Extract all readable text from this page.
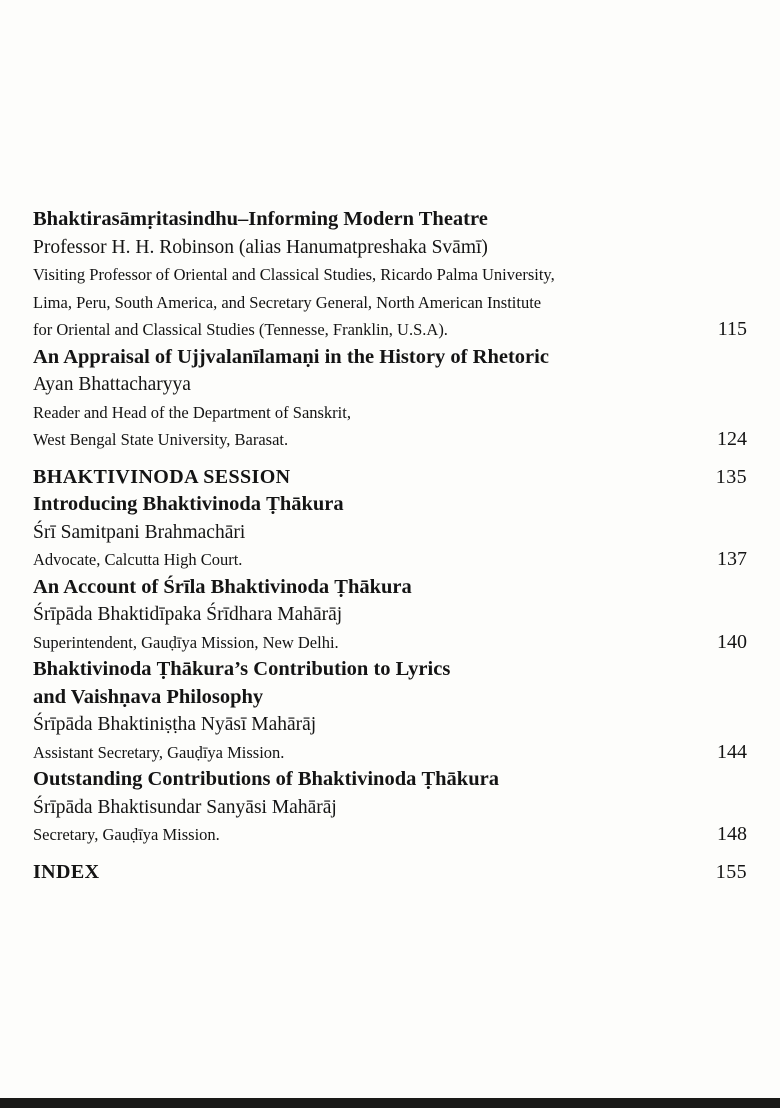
Bhaktirasāmṛitasindhu–Informing Modern Theatre
Professor H. H. Robinson (alias Hanumatpreshaka Svāmī)
Visiting Professor of Oriental and Classical Studies, Ricardo Palma University,
Lima, Peru, South America, and Secretary General, North American Institute
for Oriental and Classical Studies (Tennesse, Franklin, U.S.A).	115
An Appraisal of Ujjvalanīlamaṇi in the History of Rhetoric
Ayan Bhattacharyya
Reader and Head of the Department of Sanskrit,
West Bengal State University, Barasat.	124
BHAKTIVINODA SESSION	135
Introducing Bhaktivinoda Ṭhākura
Śrī Samitpani Brahmachāri
Advocate, Calcutta High Court.	137
An Account of Śrīla Bhaktivinoda Ṭhākura
Śrīpāda Bhaktidīpaka Śrīdhara Mahārāj
Superintendent, Gauḍīya Mission, New Delhi.	140
Bhaktivinoda Ṭhākura’s Contribution to Lyrics
and Vaishṇava Philosophy
Śrīpāda Bhaktiniṣṭha Nyāsī Mahārāj
Assistant Secretary, Gauḍīya Mission.	144
Outstanding Contributions of Bhaktivinoda Ṭhākura
Śrīpāda Bhaktisundar Sanyāsi Mahārāj
Secretary, Gauḍīya Mission.	148
INDEX	155
